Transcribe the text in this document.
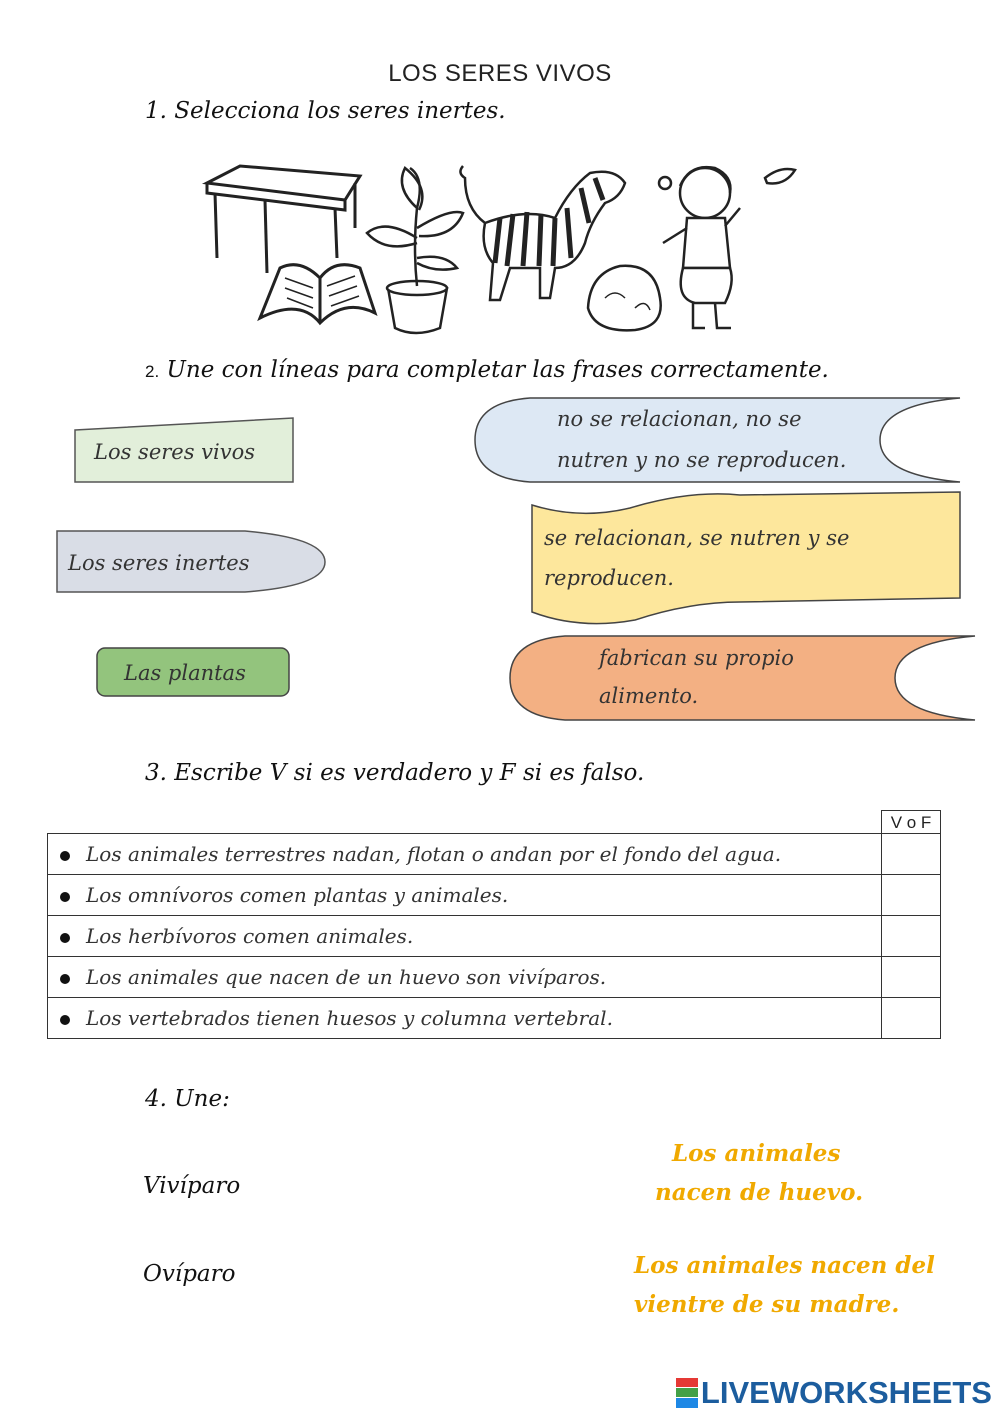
LOS SERES VIVOS
1. Selecciona los seres inertes.
2. Une con líneas para completar las frases correctamente.
Los seres vivos
Los seres inertes
Las plantas
no se relacionan, no se
nutren y no se reproducen.
se relacionan, se nutren y se
reproducen.
fabrican su propio
alimento.
3. Escribe V si es verdadero y F si es falso.
V o F
Los animales terrestres nadan, flotan o andan por el fondo del agua.	
Los omnívoros comen plantas y animales.	
Los herbívoros comen animales.	
Los animales que nacen de un huevo son vivíparos.	
Los vertebrados tienen huesos y columna vertebral.	
4. Une:
Vivíparo
Ovíparo
Los animales
nacen de huevo.
Los animales nacen del
vientre de su madre.
LIVEWORKSHEETS
